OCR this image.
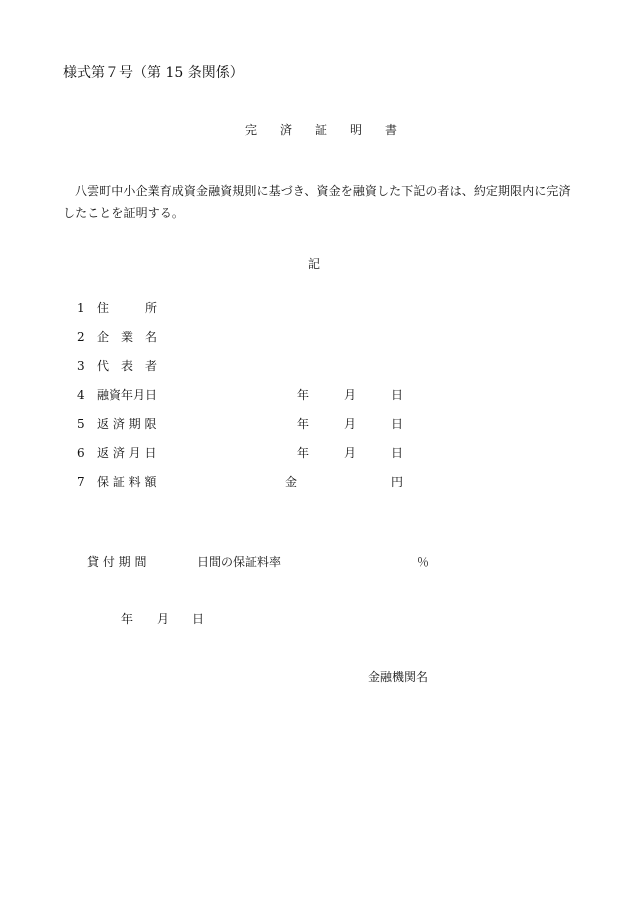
様式第７号（第 15 条関係）
完 済 証 明 書
八雲町中小企業育成資金融資規則に基づき、資金を融資した下記の者は、約定期限内に完済したことを証明する。
記
1 住　　　所
2 企　業　名
3 代　表　者
4 融資年月日	年	月	日
5 返 済 期 限	年	月	日
6 返 済 月 日	年	月	日
7 保 証 料 額	金	円
貸 付 期 間	日間の保証料率	％
年 月 日
金融機関名
